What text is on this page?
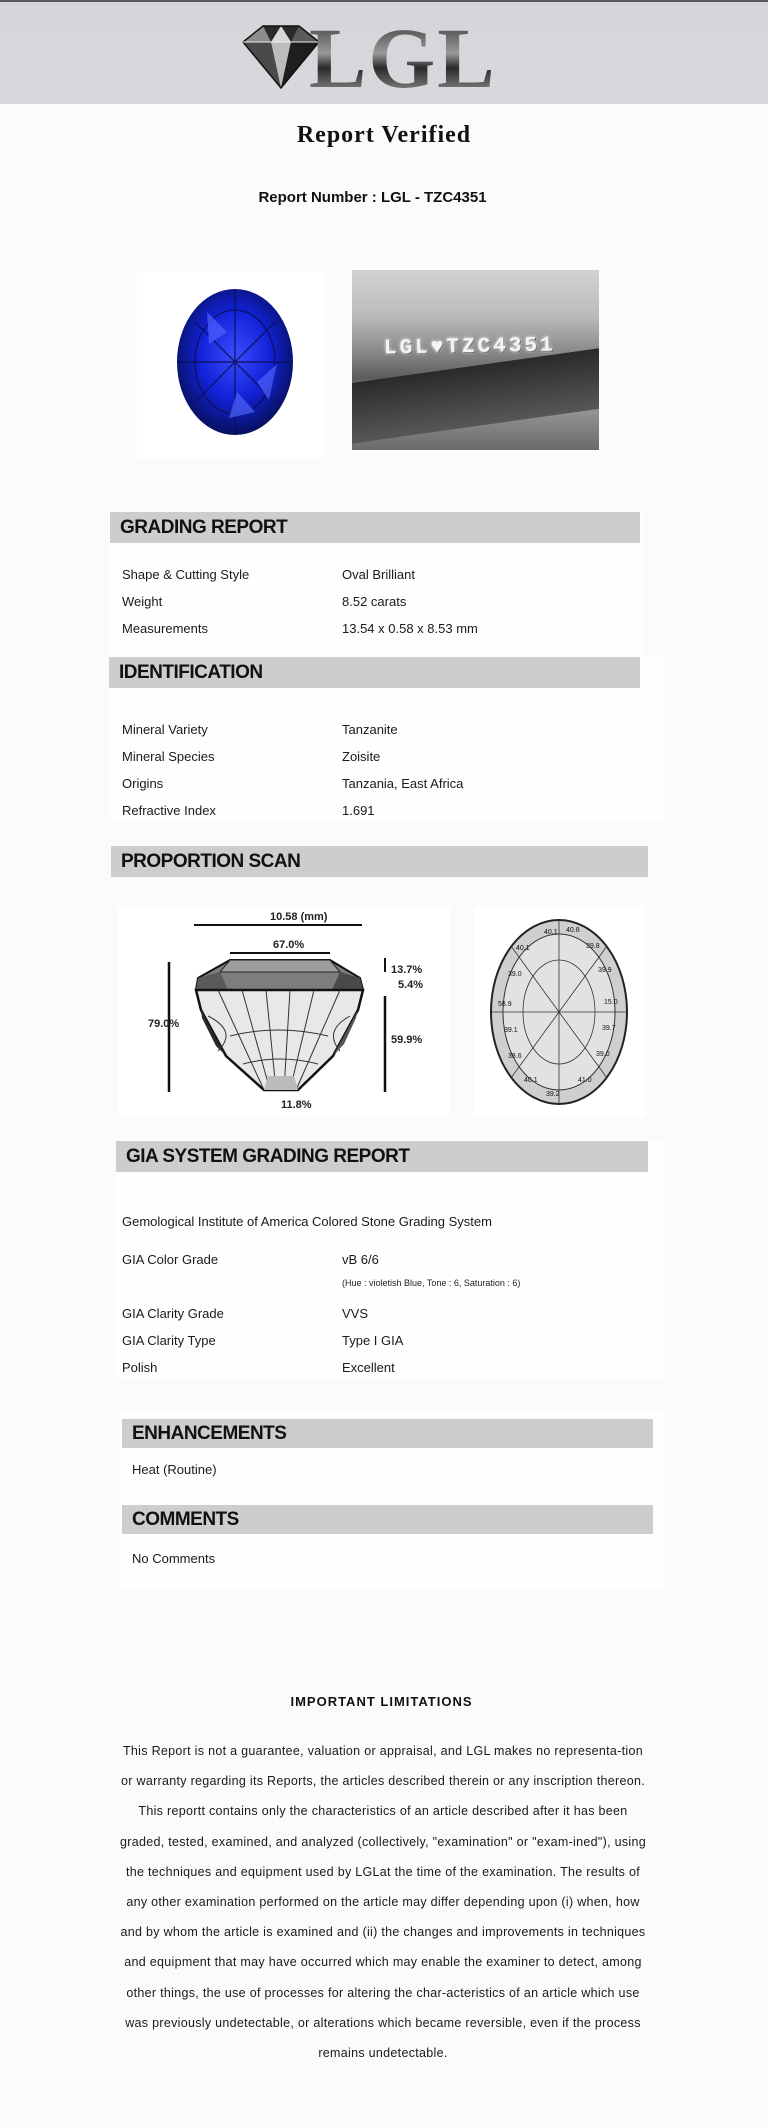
LGL
Report Verified
Report Number : LGL - TZC4351
LGL♥TZC4351
GRADING REPORT
Shape & Cutting Style	Oval Brilliant
Weight	8.52 carats
Measurements	13.54 x 0.58 x 8.53 mm
IDENTIFICATION
Mineral Variety	Tanzanite
Mineral Species	Zoisite
Origins	Tanzania, East Africa
Refractive Index	1.691
PROPORTION SCAN
10.58 (mm)
67.0%
13.7%
5.4%
79.0%
59.9%
11.8%
40.1 40.8
40.1	39.8
39.0
39.9
58.9	15.0
39.1	39.7
38.6	39.0
40.1	41.0
39.2
GIA SYSTEM GRADING REPORT
Gemological Institute of America Colored Stone Grading System
GIA Color Grade	vB 6/6
(Hue : violetish Blue, Tone : 6, Saturation : 6)
GIA Clarity Grade	VVS
GIA Clarity Type	Type I GIA
Polish	Excellent
ENHANCEMENTS
Heat (Routine)
COMMENTS
No Comments
IMPORTANT LIMITATIONS
This Report is not a guarantee, valuation or appraisal, and LGL makes no representa-tion or warranty regarding its Reports, the articles described therein or any inscription thereon. This reportt contains only the characteristics of an article described after it has been graded, tested, examined, and analyzed (collectively, "examination" or "exam-ined"), using the techniques and equipment used by LGLat the time of the examination. The results of any other examination performed on the article may differ depending upon (i) when, how and by whom the article is examined and (ii) the changes and improvements in techniques and equipment that may have occurred which may enable the examiner to detect, among other things, the use of processes for altering the char-acteristics of an article which use was previously undetectable, or alterations which became reversible, even if the process remains undetectable.
